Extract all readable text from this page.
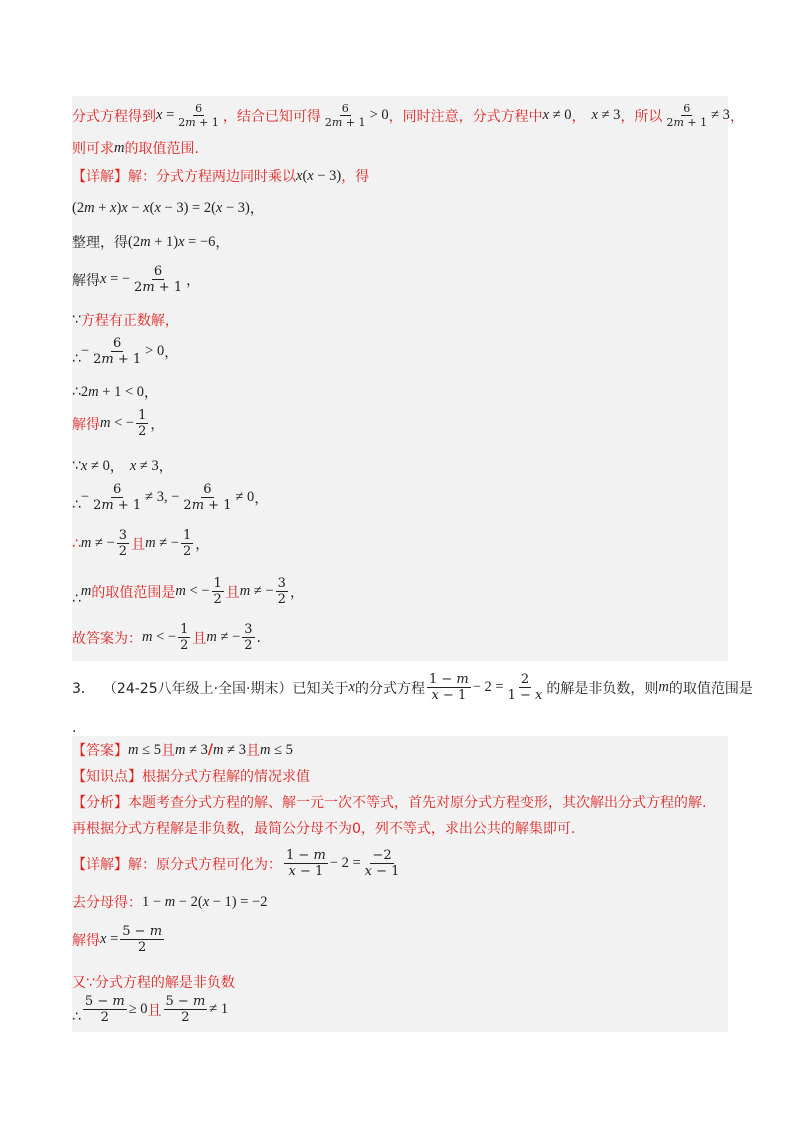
分式方程得到 $x = \frac{6}{2m + 1}$ ，结合已知可得 $\frac{6}{2m + 1} > 0$ ，同时注意，分式方程中 x ≠ 0 ， x ≠ 3 ，所以 $\frac{6}{2m + 1} \ne 3$ ，
则可求 m 的取值范围.
【详解】 解：分式方程两边同时乘以 x(x − 3) ，得
(2m + x)x − x(x − 3) = 2(x − 3) ，
整理，得 (2m + 1)x = −6 ，
解得 x = − $\frac{6}{2m + 1}$ ，
∵ 方程有正数解，
∴ − $\frac{6}{2m + 1} > 0$ ，
∴ 2m + 1 < 0 ，
解得 m < − $\frac{1}{2}$ ，
∵ x ≠ 0 ， x ≠ 3 ，
∴ − $\frac{6}{2m + 1} \ne 3$, − $\frac{6}{2m + 1} \ne 0$ ，
∴ m ≠ − $\frac{3}{2}$ 且 m ≠ − $\frac{1}{2}$ ，
∴ m 的取值范围是 m < − $\frac{1}{2}$ 且 m ≠ − $\frac{3}{2}$ ，
故答案为： m < − $\frac{1}{2}$ 且 m ≠ − $\frac{3}{2}$ .
3． （24-25八年级上·全国·期末） 已知关于 x 的分式方程 $\frac{1 - m}{x - 1} - 2 = \frac{2}{1 - x}$ 的解是非负数，则 m 的取值范围是
.
【答案】 m ≤ 5 且 m ≠ 3 / m ≠ 3 且 m ≤ 5
【知识点】 根据分式方程解的情况求值
【分析】 本题考查分式方程的解、解一元一次不等式，首先对原分式方程变形，其次解出分式方程的解.
再根据分式方程解是非负数，最简公分母不为0，列不等式，求出公共的解集即可.
【详解】 解：原分式方程可化为： $\frac{1 - m}{x - 1} - 2 = \frac{-2}{x - 1}$
去分母得： 1 − m − 2(x − 1) = −2
解得 $x = \frac{5 - m}{2}$
又∵分式方程的解是非负数
∴ $\frac{5 - m}{2} \ge 0$ 且 $\frac{5 - m}{2} \ne 1$
